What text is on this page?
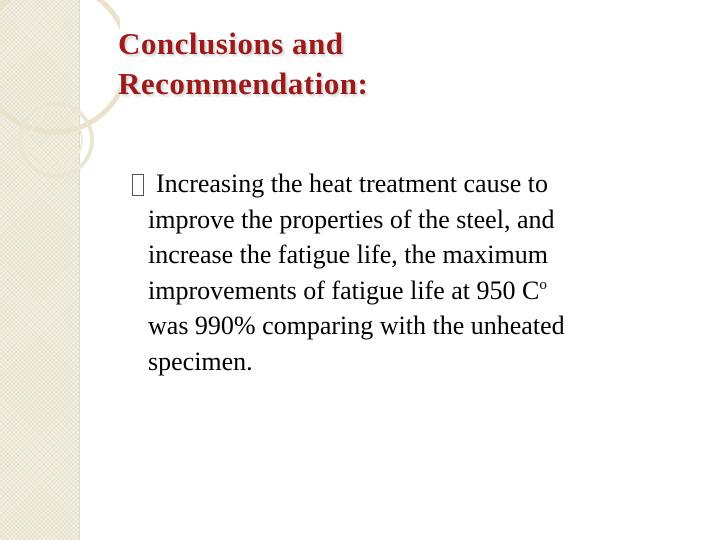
Conclusions and
Recommendation:
Increasing the heat treatment cause to
improve the properties of the steel, and
increase the fatigue life, the maximum
improvements of fatigue life at 950 $C^o$
was 990% comparing with the unheated
specimen.
